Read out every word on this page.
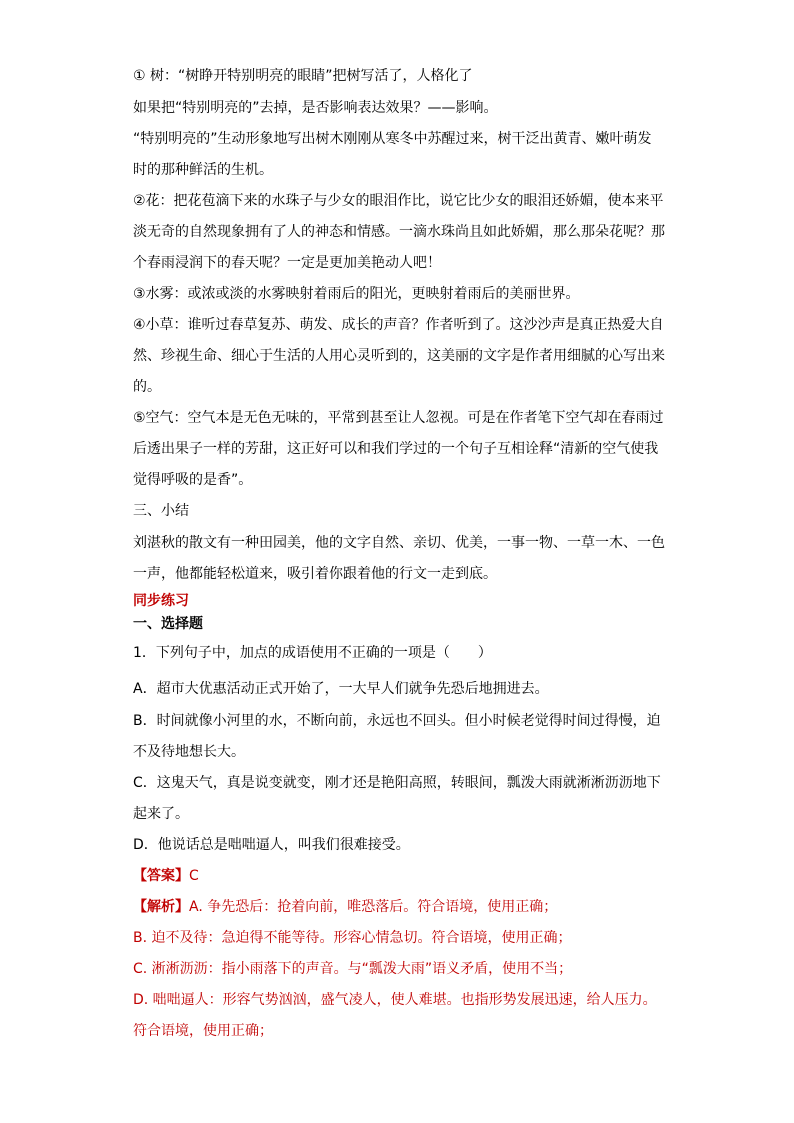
① 树：“树睁开特别明亮的眼睛”把树写活了，人格化了
如果把“特别明亮的”去掉，是否影响表达效果？——影响。
“特别明亮的”生动形象地写出树木刚刚从寒冬中苏醒过来，树干泛出黄青、嫩叶萌发
时的那种鲜活的生机。
②花：把花苞滴下来的水珠子与少女的眼泪作比，说它比少女的眼泪还娇媚，使本来平
淡无奇的自然现象拥有了人的神态和情感。一滴水珠尚且如此娇媚，那么那朵花呢？那
个春雨浸润下的春天呢？一定是更加美艳动人吧！
③水雾：或浓或淡的水雾映射着雨后的阳光，更映射着雨后的美丽世界。
④小草：谁听过春草复苏、萌发、成长的声音？作者听到了。这沙沙声是真正热爱大自
然、珍视生命、细心于生活的人用心灵听到的，这美丽的文字是作者用细腻的心写出来
的。
⑤空气：空气本是无色无味的，平常到甚至让人忽视。可是在作者笔下空气却在春雨过
后透出果子一样的芳甜，这正好可以和我们学过的一个句子互相诠释“清新的空气使我
觉得呼吸的是香”。
三、小结
刘湛秋的散文有一种田园美，他的文字自然、亲切、优美，一事一物、一草一木、一色
一声，他都能轻松道来，吸引着你跟着他的行文一走到底。
同步练习
一、选择题
1．下列句子中，加点的成语使用不正确的一项是（　　）
A．超市大优惠活动正式开始了，一大早人们就争先恐后地拥进去。
B．时间就像小河里的水，不断向前，永远也不回头。但小时候老觉得时间过得慢，迫
不及待地想长大。
C．这鬼天气，真是说变就变，刚才还是艳阳高照，转眼间，瓢泼大雨就淅淅沥沥地下
起来了。
D．他说话总是咄咄逼人，叫我们很难接受。
【答案】C
【解析】A. 争先恐后：抢着向前，唯恐落后。符合语境，使用正确；
B. 迫不及待：急迫得不能等待。形容心情急切。符合语境，使用正确；
C. 淅淅沥沥：指小雨落下的声音。与“瓢泼大雨”语义矛盾，使用不当；
D. 咄咄逼人：形容气势汹汹，盛气凌人，使人难堪。也指形势发展迅速，给人压力。
符合语境，使用正确；
